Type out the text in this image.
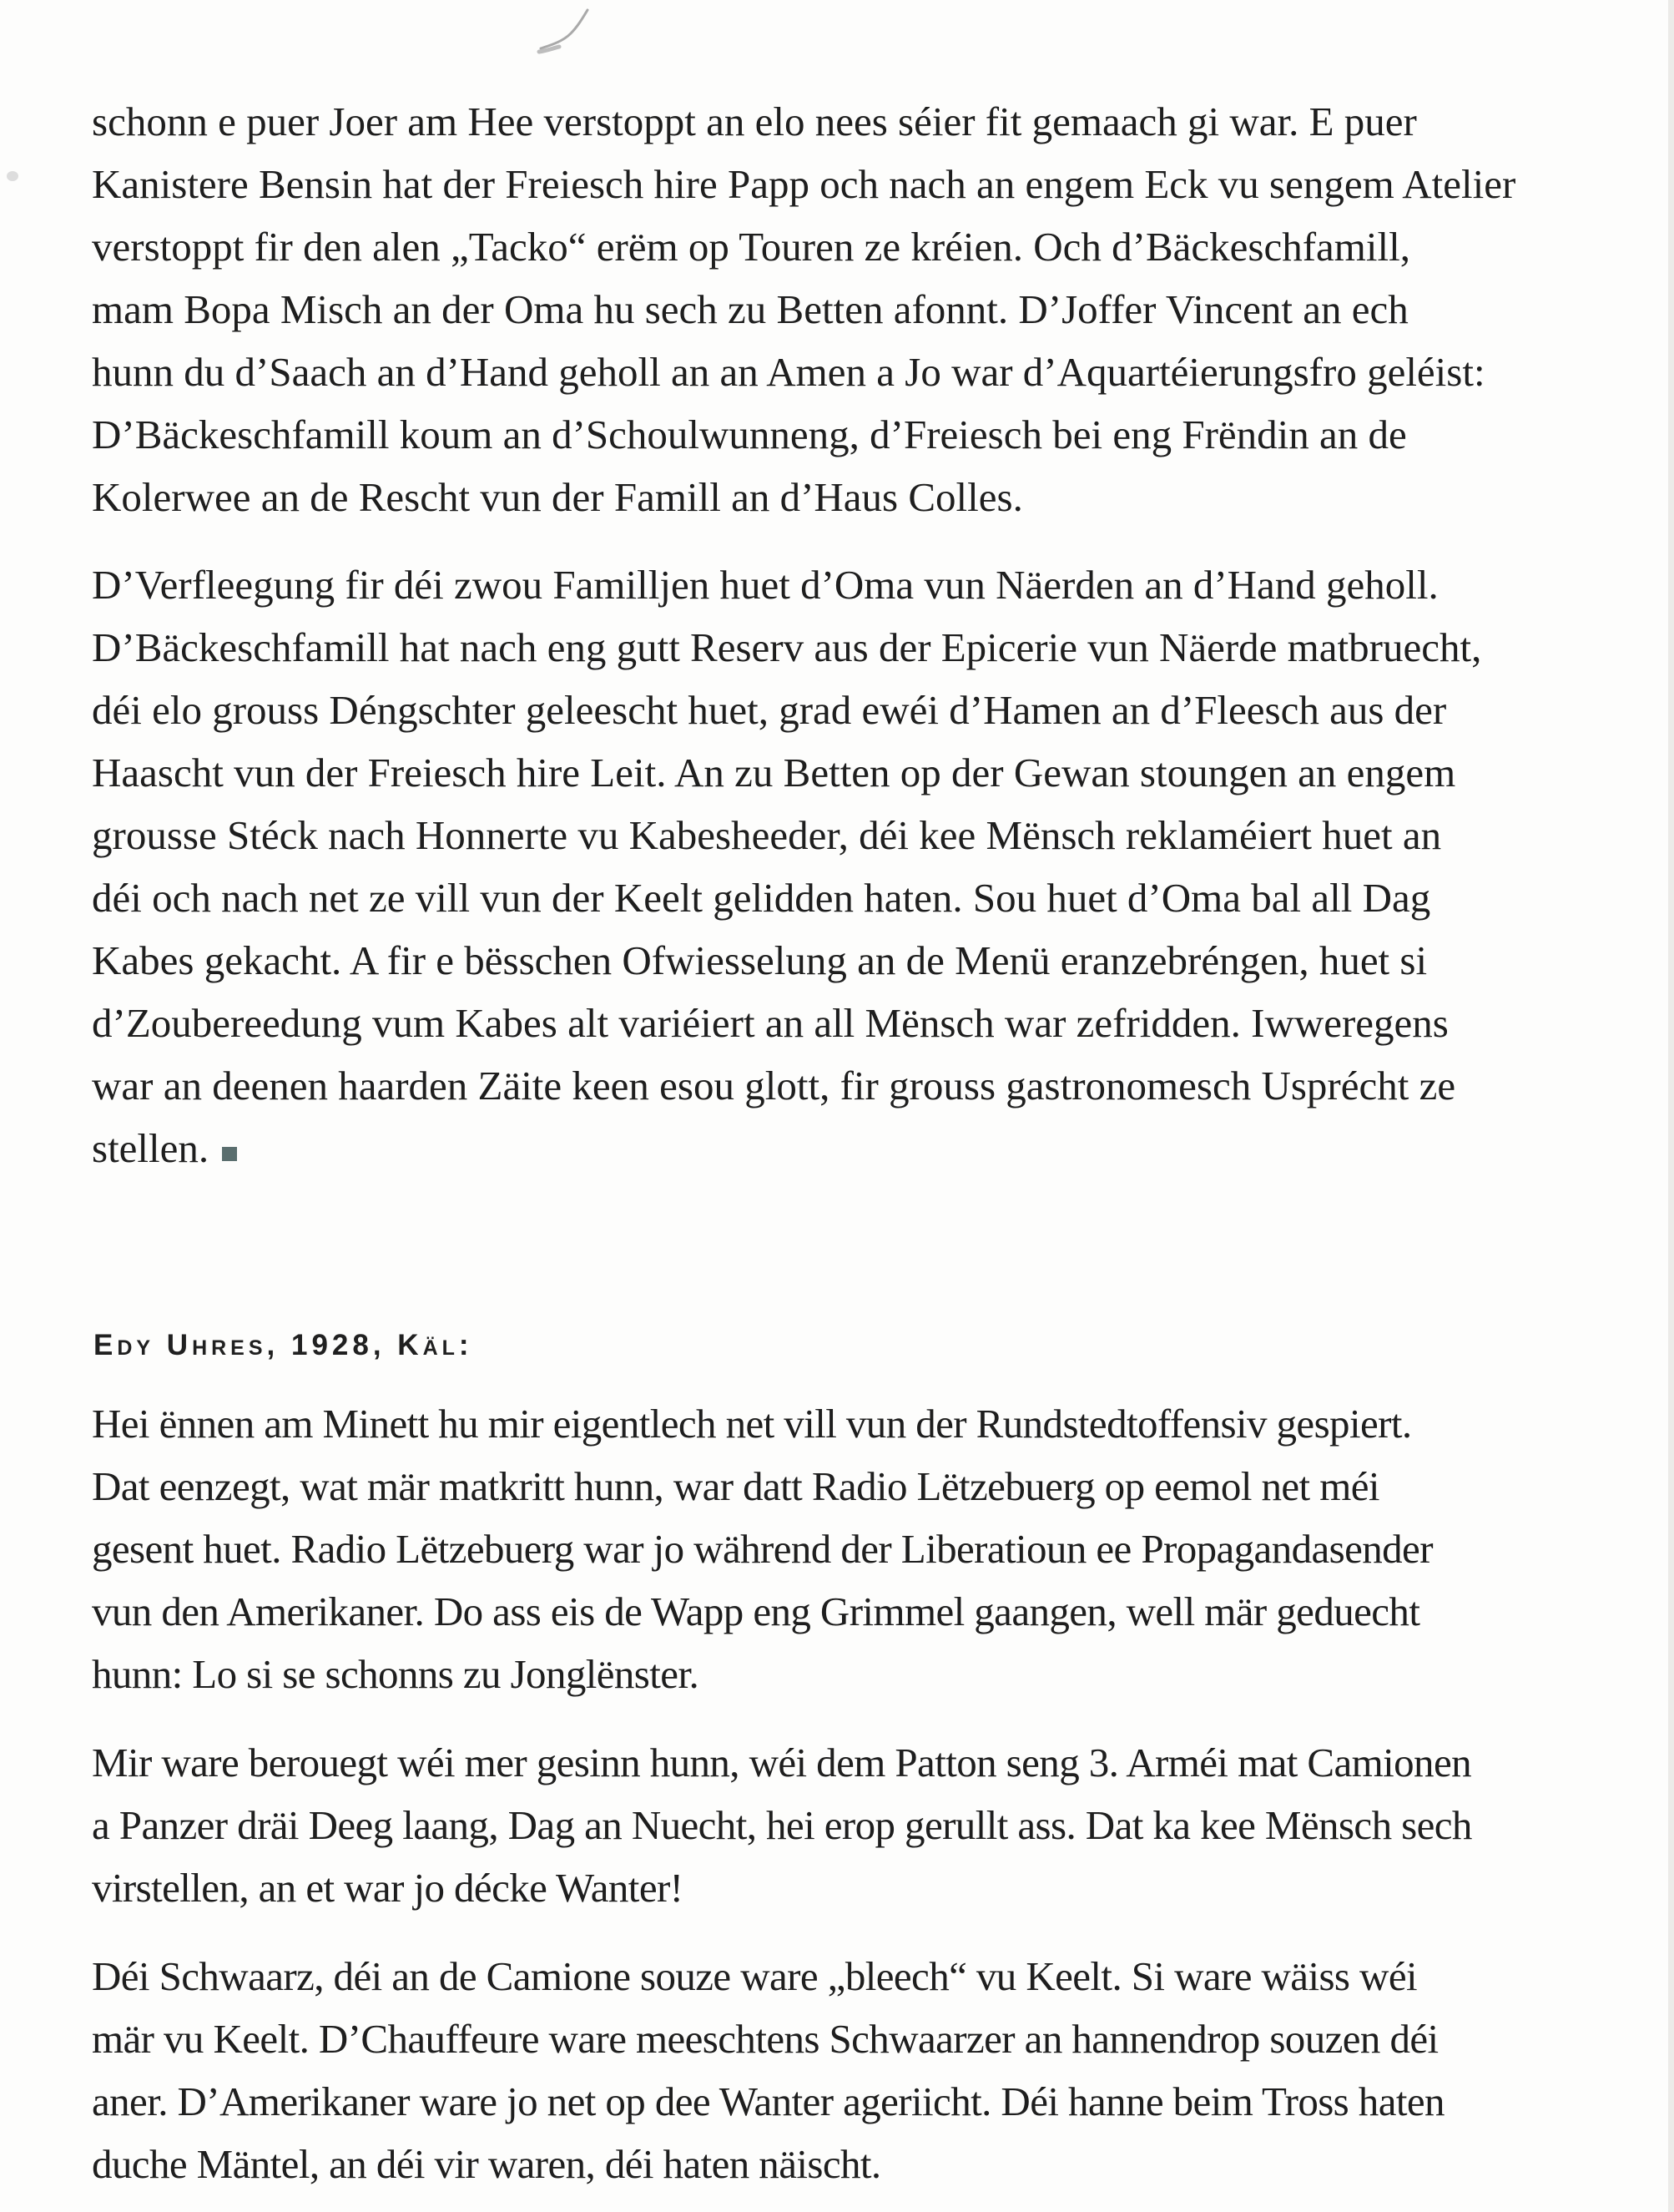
schonn e puer Joer am Hee verstoppt an elo nees séier fit gemaach gi war. E puer
Kanistere Bensin hat der Freiesch hire Papp och nach an engem Eck vu sengem Atelier
verstoppt fir den alen „Tacko“ erëm op Touren ze kréien. Och d’Bäckeschfamill,
mam Bopa Misch an der Oma hu sech zu Betten afonnt. D’Joffer Vincent an ech
hunn du d’Saach an d’Hand geholl an an Amen a Jo war d’Aquartéierungsfro geléist:
D’Bäckeschfamill koum an d’Schoulwunneng, d’Freiesch bei eng Frëndin an de
Kolerwee an de Rescht vun der Famill an d’Haus Colles.

D’Verfleegung fir déi zwou Familljen huet d’Oma vun Näerden an d’Hand geholl.
D’Bäckeschfamill hat nach eng gutt Reserv aus der Epicerie vun Näerde matbruecht,
déi elo grouss Déngschter geleescht huet, grad ewéi d’Hamen an d’Fleesch aus der
Haascht vun der Freiesch hire Leit. An zu Betten op der Gewan stoungen an engem
grousse Stéck nach Honnerte vu Kabesheeder, déi kee Mënsch reklaméiert huet an
déi och nach net ze vill vun der Keelt gelidden haten. Sou huet d’Oma bal all Dag
Kabes gekacht. A fir e bësschen Ofwiesselung an de Menü eranzebréngen, huet si
d’Zoubereedung vum Kabes alt variéiert an all Mënsch war zefridden. Iwweregens
war an deenen haarden Zäite keen esou glott, fir grouss gastronomesch Usprécht ze
stellen.

Edy Uhres, 1928, Käl:

Hei ënnen am Minett hu mir eigentlech net vill vun der Rundstedtoffensiv gespiert.
Dat eenzegt, wat mär matkritt hunn, war datt Radio Lëtzebuerg op eemol net méi
gesent huet. Radio Lëtzebuerg war jo während der Liberatioun ee Propagandasender
vun den Amerikaner. Do ass eis de Wapp eng Grimmel gaangen, well mär geduecht
hunn: Lo si se schonns zu Jonglënster.

Mir ware berouegt wéi mer gesinn hunn, wéi dem Patton seng 3. Arméi mat Camionen
a Panzer dräi Deeg laang, Dag an Nuecht, hei erop gerullt ass. Dat ka kee Mënsch sech
virstellen, an et war jo décke Wanter!

Déi Schwaarz, déi an de Camione souze ware „bleech“ vu Keelt. Si ware wäiss wéi
mär vu Keelt. D’Chauffeure ware meeschtens Schwaarzer an hannendrop souzen déi
aner. D’Amerikaner ware jo net op dee Wanter ageriicht. Déi hanne beim Tross haten
duche Mäntel, an déi vir waren, déi haten näischt.
